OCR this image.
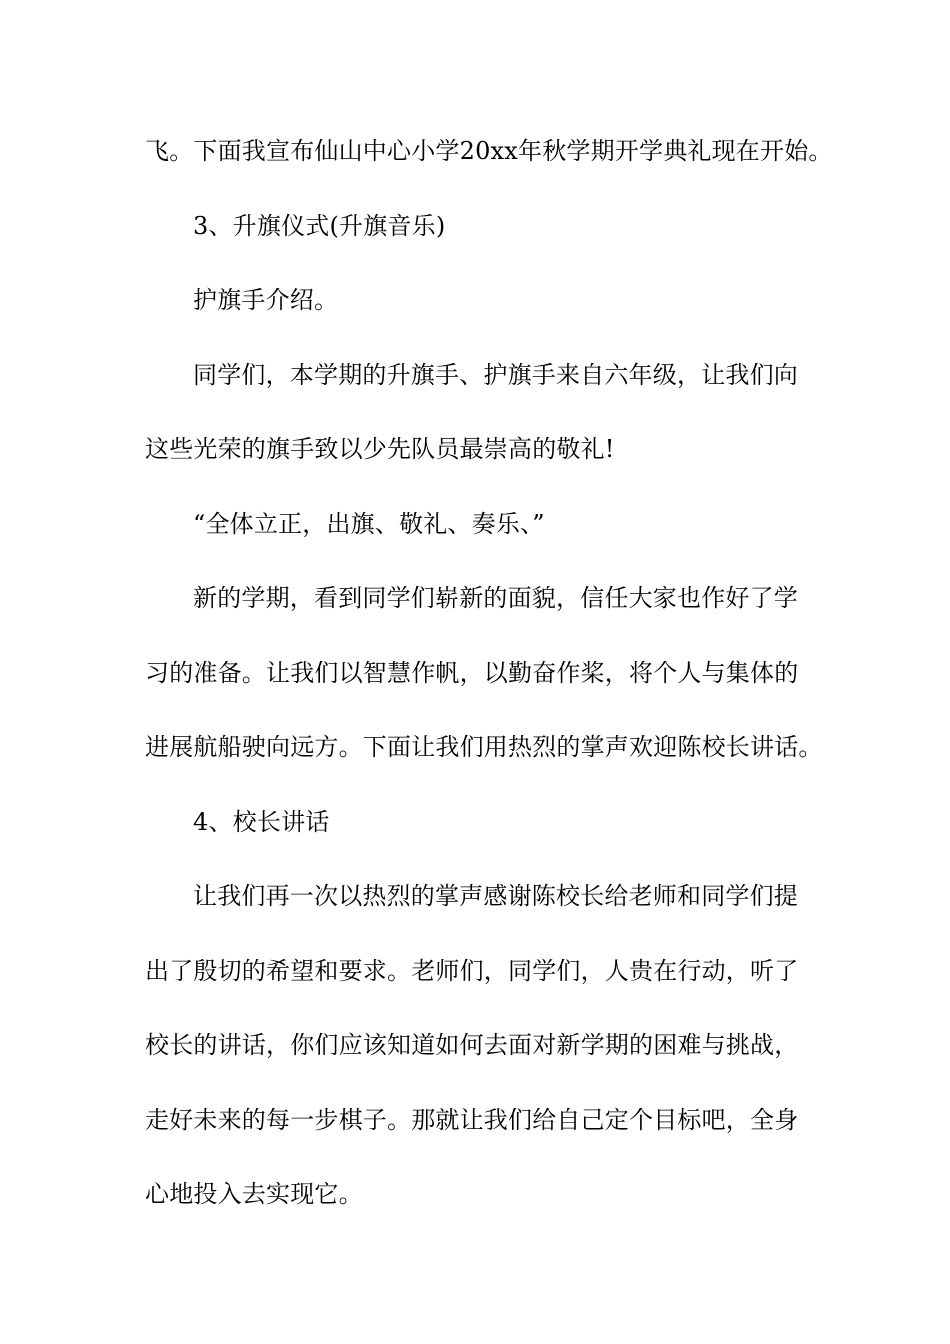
飞。下面我宣布仙山中心小学20xx年秋学期开学典礼现在开始。
3、升旗仪式(升旗音乐)
护旗手介绍。
同学们，本学期的升旗手、护旗手来自六年级，让我们向
这些光荣的旗手致以少先队员最崇高的敬礼!
“全体立正，出旗、敬礼、奏乐、”
新的学期，看到同学们崭新的面貌，信任大家也作好了学
习的准备。让我们以智慧作帆，以勤奋作桨，将个人与集体的
进展航船驶向远方。下面让我们用热烈的掌声欢迎陈校长讲话。
4、校长讲话
让我们再一次以热烈的掌声感谢陈校长给老师和同学们提
出了殷切的希望和要求。老师们，同学们，人贵在行动，听了
校长的讲话，你们应该知道如何去面对新学期的困难与挑战，
走好未来的每一步棋子。那就让我们给自己定个目标吧，全身
心地投入去实现它。
